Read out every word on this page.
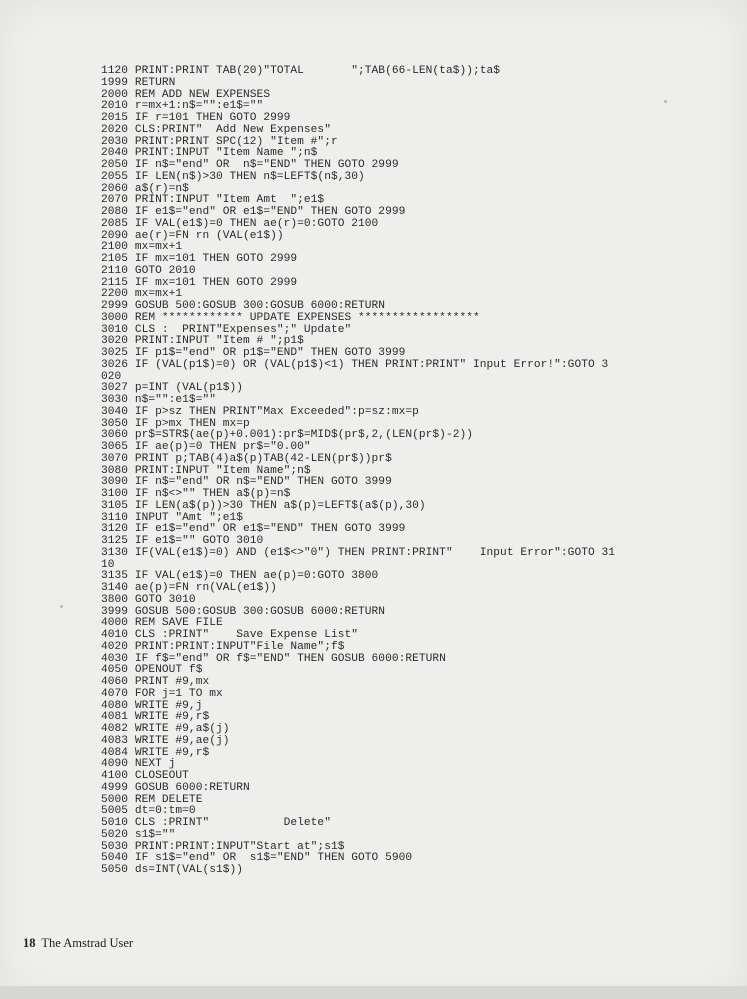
1120 PRINT:PRINT TAB(20)"TOTAL       ";TAB(66-LEN(ta$));ta$
1999 RETURN
2000 REM ADD NEW EXPENSES
2010 r=mx+1:n$="":e1$=""
2015 IF r=101 THEN GOTO 2999
2020 CLS:PRINT"  Add New Expenses"
2030 PRINT:PRINT SPC(12) "Item #";r
2040 PRINT:INPUT "Item Name ";n$
2050 IF n$="end" OR  n$="END" THEN GOTO 2999
2055 IF LEN(n$)>30 THEN n$=LEFT$(n$,30)
2060 a$(r)=n$
2070 PRINT:INPUT "Item Amt  ";e1$
2080 IF e1$="end" OR e1$="END" THEN GOTO 2999
2085 IF VAL(e1$)=0 THEN ae(r)=0:GOTO 2100
2090 ae(r)=FN rn (VAL(e1$))
2100 mx=mx+1
2105 IF mx=101 THEN GOTO 2999
2110 GOTO 2010
2115 IF mx=101 THEN GOTO 2999
2200 mx=mx+1
2999 GOSUB 500:GOSUB 300:GOSUB 6000:RETURN
3000 REM ************ UPDATE EXPENSES ******************
3010 CLS :  PRINT"Expenses";" Update"
3020 PRINT:INPUT "Item # ";p1$
3025 IF p1$="end" OR p1$="END" THEN GOTO 3999
3026 IF (VAL(p1$)=0) OR (VAL(p1$)<1) THEN PRINT:PRINT" Input Error!":GOTO 3
020
3027 p=INT (VAL(p1$))
3030 n$="":e1$=""
3040 IF p>sz THEN PRINT"Max Exceeded":p=sz:mx=p
3050 IF p>mx THEN mx=p
3060 pr$=STR$(ae(p)+0.001):pr$=MID$(pr$,2,(LEN(pr$)-2))
3065 IF ae(p)=0 THEN pr$="0.00"
3070 PRINT p;TAB(4)a$(p)TAB(42-LEN(pr$))pr$
3080 PRINT:INPUT "Item Name";n$
3090 IF n$="end" OR n$="END" THEN GOTO 3999
3100 IF n$<>"" THEN a$(p)=n$
3105 IF LEN(a$(p))>30 THEN a$(p)=LEFT$(a$(p),30)
3110 INPUT "Amt ";e1$
3120 IF e1$="end" OR e1$="END" THEN GOTO 3999
3125 IF e1$="" GOTO 3010
3130 IF(VAL(e1$)=0) AND (e1$<>"0") THEN PRINT:PRINT"    Input Error":GOTO 31
10
3135 IF VAL(e1$)=0 THEN ae(p)=0:GOTO 3800
3140 ae(p)=FN rn(VAL(e1$))
3800 GOTO 3010
3999 GOSUB 500:GOSUB 300:GOSUB 6000:RETURN
4000 REM SAVE FILE
4010 CLS :PRINT"    Save Expense List"
4020 PRINT:PRINT:INPUT"File Name";f$
4030 IF f$="end" OR f$="END" THEN GOSUB 6000:RETURN
4050 OPENOUT f$
4060 PRINT #9,mx
4070 FOR j=1 TO mx
4080 WRITE #9,j
4081 WRITE #9,r$
4082 WRITE #9,a$(j)
4083 WRITE #9,ae(j)
4084 WRITE #9,r$
4090 NEXT j
4100 CLOSEOUT
4999 GOSUB 6000:RETURN
5000 REM DELETE
5005 dt=0:tm=0
5010 CLS :PRINT"           Delete"
5020 s1$=""
5030 PRINT:PRINT:INPUT"Start at";s1$
5040 IF s1$="end" OR  s1$="END" THEN GOTO 5900
5050 ds=INT(VAL(s1$))
18 The Amstrad User
